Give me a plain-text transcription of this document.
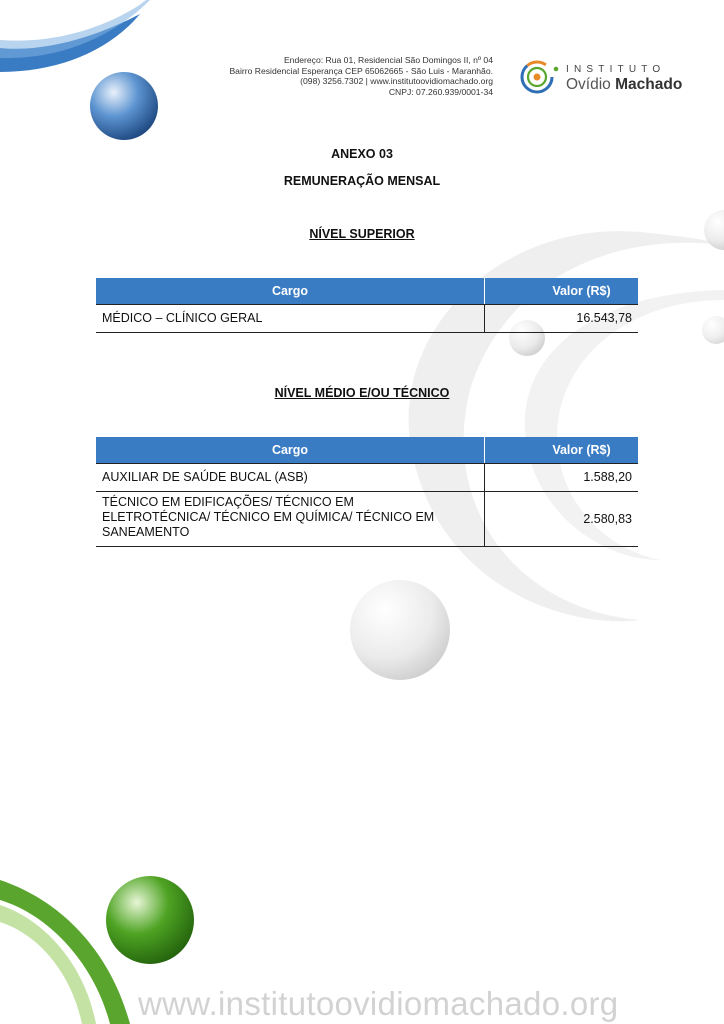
Endereço: Rua 01, Residencial São Domingos II, nº 04
Bairro Residencial Esperança CEP 65062665 - São Luis - Maranhão.
(098) 3256.7302 | www.institutoovidiomachado.org
CNPJ: 07.260.939/0001-34
INSTITUTO
Ovídio Machado
ANEXO 03
REMUNERAÇÃO MENSAL
NÍVEL SUPERIOR
Cargo	Valor (R$)
MÉDICO – CLÍNICO GERAL	16.543,78
NÍVEL MÉDIO E/OU TÉCNICO
Cargo	Valor (R$)
AUXILIAR DE SAÚDE BUCAL (ASB)	1.588,20

TÉCNICO EM EDIFICAÇÕES/ TÉCNICO EM
ELETROTÉCNICA/ TÉCNICO EM QUÍMICA/ TÉCNICO EM
SANEAMENTO	2.580,83
www.institutoovidiomachado.org
